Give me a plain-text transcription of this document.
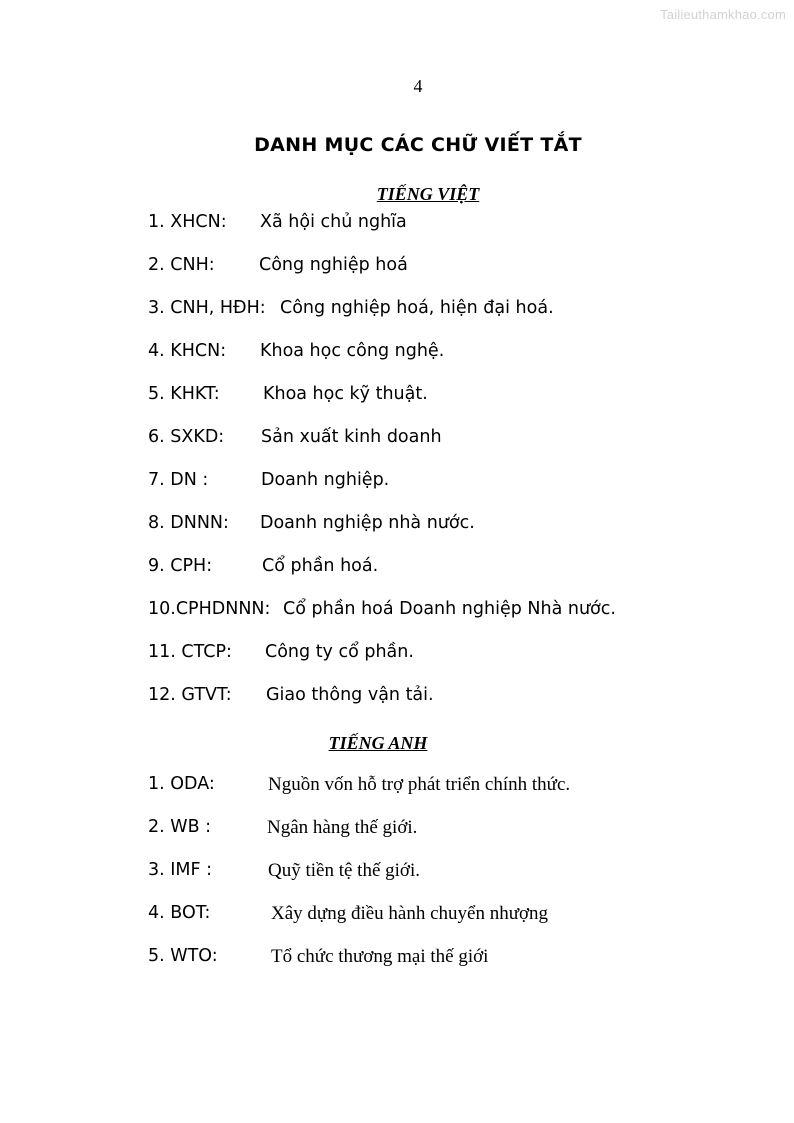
Tailieuthamkhao.com
4
DANH MỤC CÁC CHỮ VIẾT TẮT
TIẾNG VIỆT
1. XHCN: Xã hội chủ nghĩa
2. CNH:	Công nghiệp hoá
3. CNH, HĐH: Công nghiệp hoá, hiện đại hoá.
4. KHCN: Khoa học công nghệ.
5. KHKT: Khoa học kỹ thuật.
6. SXKD: Sản xuất kinh doanh
7. DN :	Doanh nghiệp.
8. DNNN: Doanh nghiệp nhà nước.
9. CPH:	Cổ phần hoá.
10.CPHDNNN: Cổ phần hoá Doanh nghiệp Nhà nước.
11. CTCP: Công ty cổ phần.
12. GTVT: Giao thông vận tải.
TIẾNG ANH
1. ODA:	Nguồn vốn hỗ trợ phát triển chính thức.
2. WB :	Ngân hàng thế giới.
3. IMF :	Quỹ tiền tệ thế giới.
4. BOT:	Xây dựng điều hành chuyển nhượng
5. WTO:	Tổ chức thương mại thế giới
